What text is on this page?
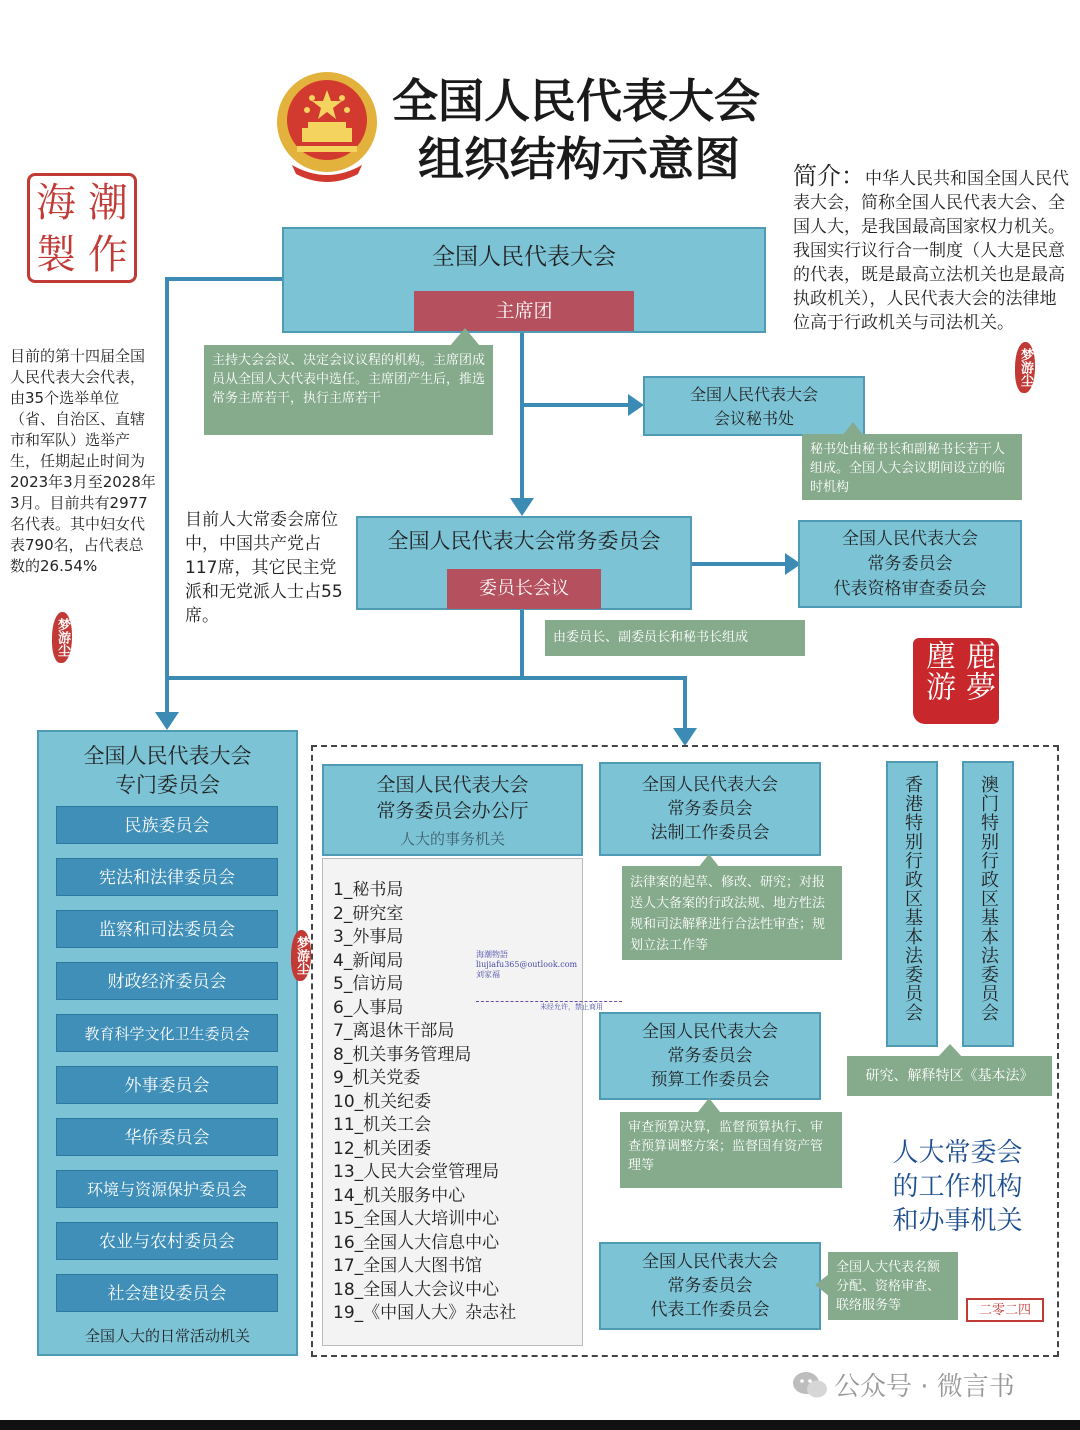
全国人民代表大会
组织结构示意图
海 潮
製 作
简介：中华人民共和国全国人民代表大会，简称全国人民代表大会、全国人大，是我国最高国家权力机关。我国实行议行合一制度（人大是民意的代表，既是最高立法机关也是最高执政机关），人民代表大会的法律地位高于行政机关与司法机关。
梦游尘
目前的第十四届全国人民代表大会代表，由35个选举单位（省、自治区、直辖市和军队）选举产生，任期起止时间为2023年3月至2028年3月。目前共有2977名代表。其中妇女代表790名，占代表总数的26.54%
梦游尘
目前人大常委会席位中，中国共产党占117席，其它民主党派和无党派人士占55席。
全国人民代表大会
主席团
主持大会会议、决定会议议程的机构。主席团成员从全国人大代表中选任。主席团产生后，推选常务主席若干，执行主席若干	全国人民代表大会
会议秘书处
秘书处由秘书长和副秘书长若干人组成。全国人大会议期间设立的临时机构
全国人民代表大会常务委员会
委员长会议
由委员长、副委员长和秘书长组成
全国人民代表大会
常务委员会
代表资格审查委员会
鹿夢塵游
全国人民代表大会
专门委员会
全国人大的日常活动机关
民族委员会
宪法和法律委员会
监察和司法委员会
财政经济委员会
教育科学文化卫生委员会
外事委员会
华侨委员会
环境与资源保护委员会
农业与农村委员会
社会建设委员会
梦游尘
全国人民代表大会
常务委员会办公厅
人大的事务机关
1_秘书局
2_研究室
3_外事局
4_新闻局
5_信访局
6_人事局
7_离退休干部局
8_机关事务管理局
9_机关党委
10_机关纪委
11_机关工会
12_机关团委
13_人民大会堂管理局
14_机关服务中心
15_全国人大培训中心
16_全国人大信息中心
17_全国人大图书馆
18_全国人大会议中心
19_《中国人大》杂志社
海潮物語
liujiafu365@outlook.com
刘家福
未经允许，禁止商用
全国人民代表大会
常务委员会
法制工作委员会
法律案的起草、修改、研究；对报送人大备案的行政法规、地方性法规和司法解释进行合法性审查；规划立法工作等
全国人民代表大会
常务委员会
预算工作委员会
审查预算决算，监督预算执行、审查预算调整方案；监督国有资产管理等
全国人民代表大会
常务委员会
代表工作委员会
全国人大代表名额分配、资格审查、联络服务等
香港特别行政区基本法委员会	澳门特别行政区基本法委员会
研究、解释特区《基本法》
人大常委会
的工作机构
和办事机关
二零二四
公众号 · 微言书
